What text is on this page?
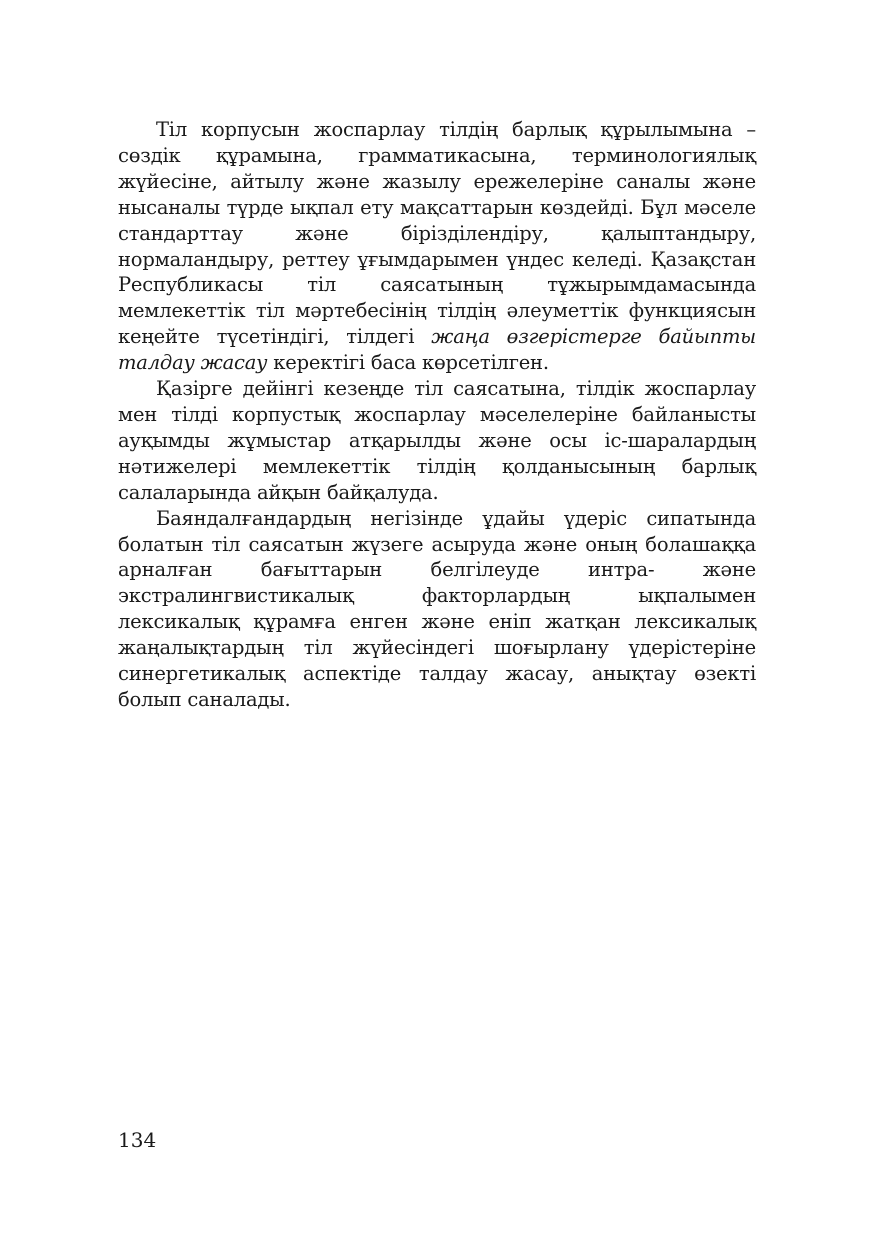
Тіл корпусын жоспарлау тілдің барлық құрылымына – сөздік құрамына, грамматикасына, терминологиялық жүйесіне, айтылу және жазылу ережелеріне саналы және нысаналы түрде ықпал ету мақсаттарын көздейді. Бұл мәселе стандарттау және бірізділендіру, қалыптандыру, нормаландыру, реттеу ұғымдарымен үндес келеді. Қазақстан Республикасы тіл саясатының тұжырымдамасында мемлекеттік тіл мәртебесінің тілдің әлеуметтік функциясын кеңейте түсетіндігі, тілдегі жаңа өзгерістерге байыпты талдау жасау керектігі баса көрсетілген.

Қазірге дейінгі кезеңде тіл саясатына, тілдік жоспарлау мен тілді корпустық жоспарлау мәселелеріне байланысты ауқымды жұмыстар атқарылды және осы іс-шаралардың нәтижелері мемлекеттік тілдің қолданысының барлық салаларында айқын байқалуда.

Баяндалғандардың негізінде ұдайы үдеріс сипатында болатын тіл саясатын жүзеге асыруда және оның болашаққа арналған бағыттарын белгілеуде интра- және экстралингвистикалық факторлардың ықпалымен лексикалық құрамға енген және еніп жатқан лексикалық жаңалықтардың тіл жүйесіндегі шоғырлану үдерістеріне синергетикалық аспектіде талдау жасау, анықтау өзекті болып саналады.

134
